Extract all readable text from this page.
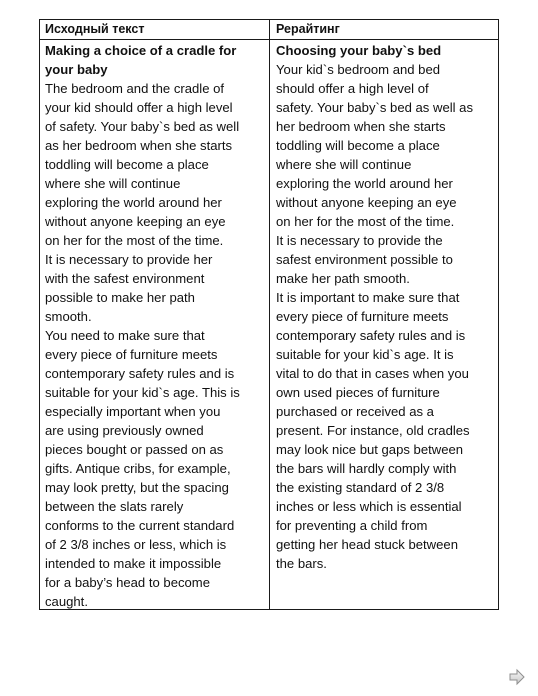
Исходный текст	Рерайтинг
Making a choice of a cradle for
your baby
The bedroom and the cradle of
your kid should offer a high level
of safety. Your baby`s bed as well
as her bedroom when she starts
toddling will become a place
where she will continue
exploring the world around her
without anyone keeping an eye
on her for the most of the time.
It is necessary to provide her
with the safest environment
possible to make her path
smooth.
You need to make sure that
every piece of furniture meets
contemporary safety rules and is
suitable for your kid`s age. This is
especially important when you
are using previously owned
pieces bought or passed on as
gifts. Antique cribs, for example,
may look pretty, but the spacing
between the slats rarely
conforms to the current standard
of 2 3/8 inches or less, which is
intended to make it impossible
for a baby’s head to become
caught.
Choosing your baby`s bed
Your kid`s bedroom and bed
should offer a high level of
safety. Your baby`s bed as well as
her bedroom when she starts
toddling will become a place
where she will continue
exploring the world around her
without anyone keeping an eye
on her for the most of the time.
It is necessary to provide the
safest environment possible to
make her path smooth.
It is important to make sure that
every piece of furniture meets
contemporary safety rules and is
suitable for your kid`s age. It is
vital to do that in cases when you
own used pieces of furniture
purchased or received as a
present. For instance, old cradles
may look nice but gaps between
the bars will hardly comply with
the existing standard of 2 3/8
inches or less which is essential
for preventing a child from
getting her head stuck between
the bars.
